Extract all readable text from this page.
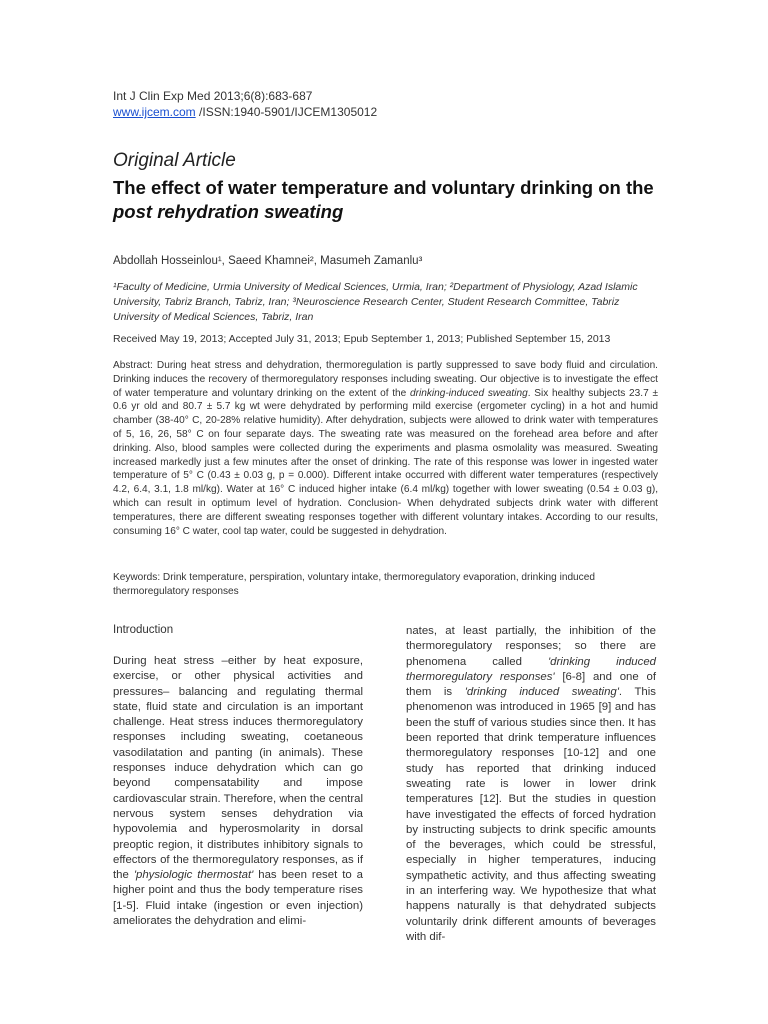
Int J Clin Exp Med 2013;6(8):683-687
www.ijcem.com /ISSN:1940-5901/IJCEM1305012
Original Article
The effect of water temperature and voluntary drinking on the post rehydration sweating
Abdollah Hosseinlou¹, Saeed Khamnei², Masumeh Zamanlu³
¹Faculty of Medicine, Urmia University of Medical Sciences, Urmia, Iran; ²Department of Physiology, Azad Islamic University, Tabriz Branch, Tabriz, Iran; ³Neuroscience Research Center, Student Research Committee, Tabriz University of Medical Sciences, Tabriz, Iran
Received May 19, 2013; Accepted July 31, 2013; Epub September 1, 2013; Published September 15, 2013
Abstract: During heat stress and dehydration, thermoregulation is partly suppressed to save body fluid and circulation. Drinking induces the recovery of thermoregulatory responses including sweating. Our objective is to investigate the effect of water temperature and voluntary drinking on the extent of the drinking-induced sweating. Six healthy subjects 23.7 ± 0.6 yr old and 80.7 ± 5.7 kg wt were dehydrated by performing mild exercise (ergometer cycling) in a hot and humid chamber (38-40° C, 20-28% relative humidity). After dehydration, subjects were allowed to drink water with temperatures of 5, 16, 26, 58° C on four separate days. The sweating rate was measured on the forehead area before and after drinking. Also, blood samples were collected during the experiments and plasma osmolality was measured. Sweating increased markedly just a few minutes after the onset of drinking. The rate of this response was lower in ingested water temperature of 5° C (0.43 ± 0.03 g, p = 0.000). Different intake occurred with different water temperatures (respectively 4.2, 6.4, 3.1, 1.8 ml/kg). Water at 16° C induced higher intake (6.4 ml/kg) together with lower sweating (0.54 ± 0.03 g), which can result in optimum level of hydration. Conclusion- When dehydrated subjects drink water with different temperatures, there are different sweating responses together with different voluntary intakes. According to our results, consuming 16° C water, cool tap water, could be suggested in dehydration.
Keywords: Drink temperature, perspiration, voluntary intake, thermoregulatory evaporation, drinking induced thermoregulatory responses
Introduction

During heat stress –either by heat exposure, exercise, or other physical activities and pressures– balancing and regulating thermal state, fluid state and circulation is an important challenge. Heat stress induces thermoregulatory responses including sweating, coetaneous vasodilatation and panting (in animals). These responses induce dehydration which can go beyond compensatability and impose cardiovascular strain. Therefore, when the central nervous system senses dehydration via hypovolemia and hyperosmolarity in dorsal preoptic region, it distributes inhibitory signals to effectors of the thermoregulatory responses, as if the 'physiologic thermostat' has been reset to a higher point and thus the body temperature rises [1-5]. Fluid intake (ingestion or even injection) ameliorates the dehydration and elimi-

nates, at least partially, the inhibition of the thermoregulatory responses; so there are phenomena called 'drinking induced thermoregulatory responses' [6-8] and one of them is 'drinking induced sweating'. This phenomenon was introduced in 1965 [9] and has been the stuff of various studies since then. It has been reported that drink temperature influences thermoregulatory responses [10-12] and one study has reported that drinking induced sweating rate is lower in lower drink temperatures [12]. But the studies in question have investigated the effects of forced hydration by instructing subjects to drink specific amounts of the beverages, which could be stressful, especially in higher temperatures, inducing sympathetic activity, and thus affecting sweating in an interfering way. We hypothesize that what happens naturally is that dehydrated subjects voluntarily drink different amounts of beverages with dif-
